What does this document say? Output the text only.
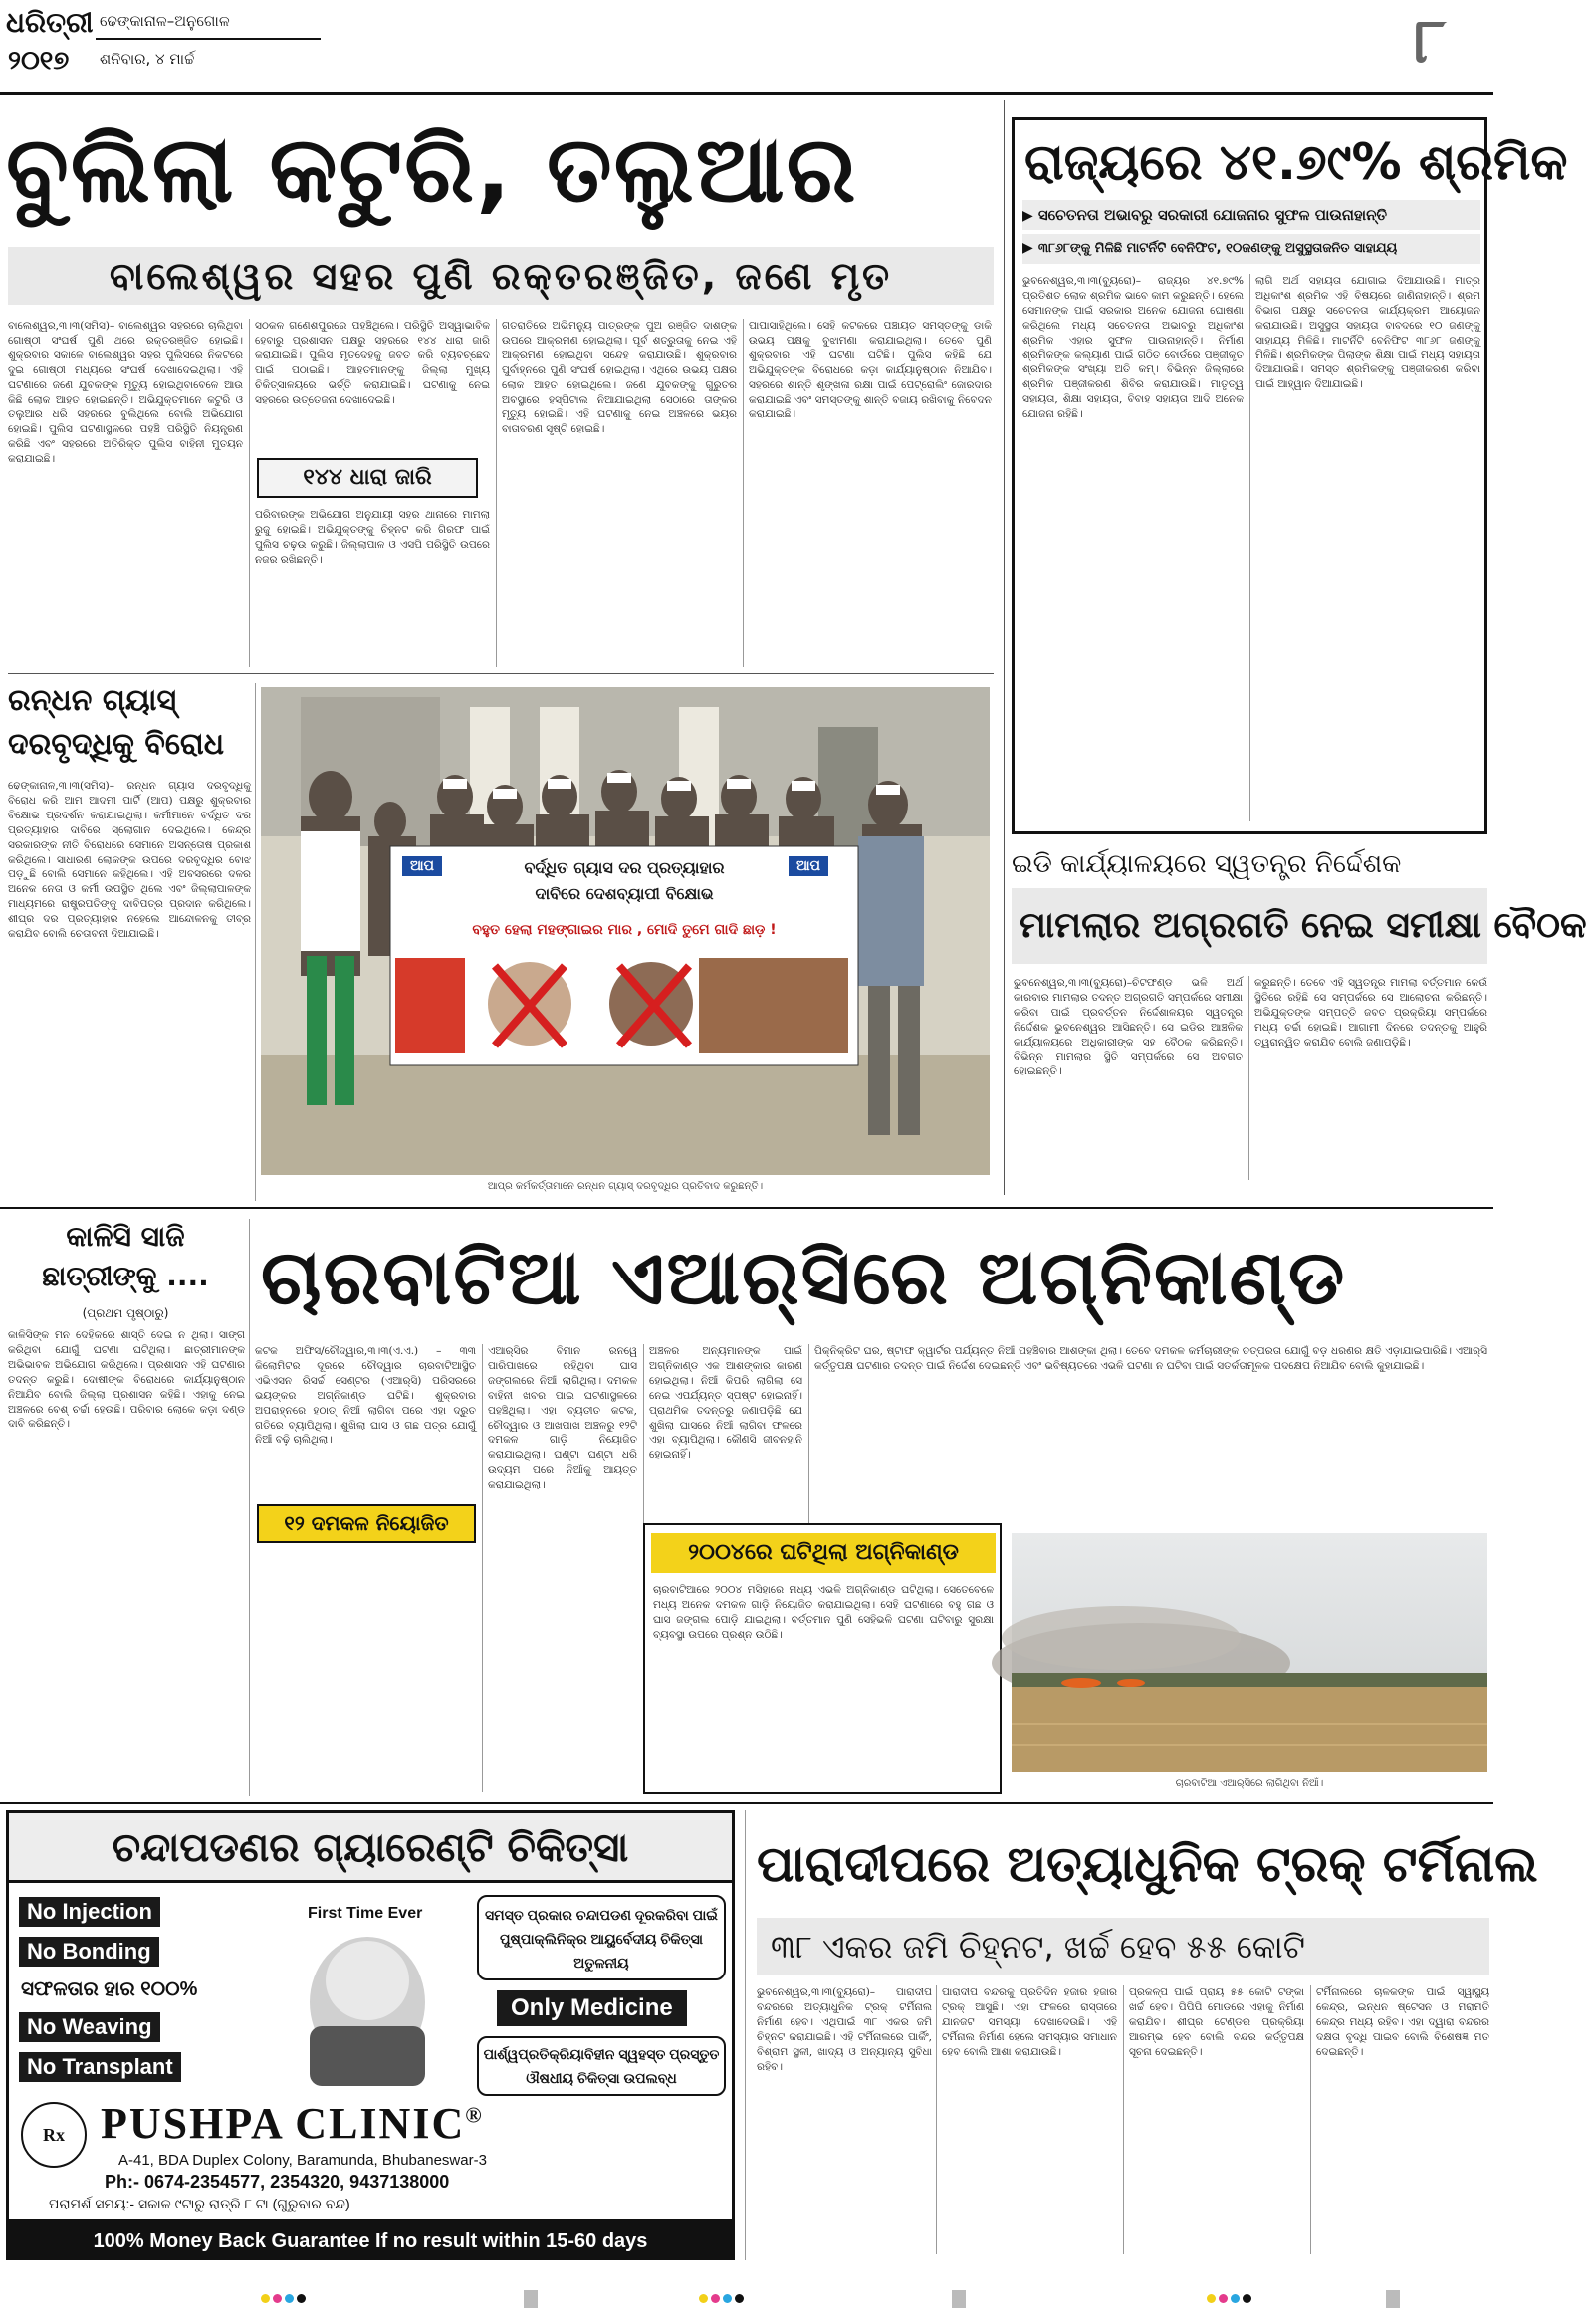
ଧରିତ୍ରୀ
୨୦୧୭
ଢେଙ୍କାନାଳ–ଅନୁଗୋଳ
ଶନିବାର, ୪ ମାର୍ଚ୍ଚ	୮
ବୁଲିଲା କଟୁରି, ତଲୁଆର
ବାଲେଶ୍ୱର ସହର ପୁଣି ରକ୍ତରଞ୍ଜିତ, ଜଣେ ମୃତ
ବାଲେଶ୍ୱର,୩।୩(ସମିସ)– ବାଲେଶ୍ୱର ସହରରେ ଚାଲିଥିବା ଗୋଷ୍ଠୀ ସଂଘର୍ଷ ପୁଣି ଥରେ ରକ୍ତରଞ୍ଜିତ ହୋଇଛି। ଶୁକ୍ରବାର ସକାଳେ ବାଲେଶ୍ୱର ସହର ପୁଲିସରେ ନିକଟରେ ଦୁଇ ଗୋଷ୍ଠୀ ମଧ୍ୟରେ ସଂଘର୍ଷ ଦେଖାଦେଇଥିଲା। ଏହି ଘଟଣାରେ ଜଣେ ଯୁବକଙ୍କ ମୃତ୍ୟୁ ହୋଇଥିବାବେଳେ ଆଉ କିଛି ଲୋକ ଆହତ ହୋଇଛନ୍ତି। ଅଭିଯୁକ୍ତମାନେ କଟୁରି ଓ ତଲୁଆର ଧରି ସହରରେ ବୁଲିଥିଲେ ବୋଲି ଅଭିଯୋଗ ହୋଇଛି। ପୁଲିସ ଘଟଣାସ୍ଥଳରେ ପହଞ୍ଚି ପରିସ୍ଥିତି ନିୟନ୍ତ୍ରଣ କରିଛି ଏବଂ ସହରରେ ଅତିରିକ୍ତ ପୁଲିସ ବାହିନୀ ମୁତୟନ କରାଯାଇଛି।
ସଠକଳ ଗଣେଶପୁରରେ ପହଞ୍ଚିଥିଲେ। ପରିସ୍ଥିତି ଅସ୍ୱାଭାବିକ ହେବାରୁ ପ୍ରଶାସନ ପକ୍ଷରୁ ସହରରେ ୧୪୪ ଧାରା ଜାରି କରାଯାଇଛି। ପୁଲିସ ମୃତଦେହକୁ ଜବତ କରି ବ୍ୟବଚ୍ଛେଦ ପାଇଁ ପଠାଇଛି। ଆହତମାନଙ୍କୁ ଜିଲ୍ଲା ମୁଖ୍ୟ ଚିକିତ୍ସାଳୟରେ ଭର୍ତ୍ତି କରାଯାଇଛି। ଘଟଣାକୁ ନେଇ ସହରରେ ଉତ୍ତେଜନା ଦେଖାଦେଇଛି।
୧୪୪ ଧାରା ଜାରି
ପରିବାରଙ୍କ ଅଭିଯୋଗ ଅନୁଯାୟୀ ସହର ଥାନାରେ ମାମଲା ରୁଜୁ ହୋଇଛି। ଅଭିଯୁକ୍ତଙ୍କୁ ଚିହ୍ନଟ କରି ଗିରଫ ପାଇଁ ପୁଲିସ ଚଢ଼ଉ କରୁଛି। ଜିଲ୍ଲାପାଳ ଓ ଏସପି ପରିସ୍ଥିତି ଉପରେ ନଜର ରଖିଛନ୍ତି।
ଗତରାତିରେ ଅଭିମନ୍ୟୁ ପାତ୍ରଙ୍କ ପୁଅ ରଞ୍ଜିତ ଦାଶଙ୍କ ଉପରେ ଆକ୍ରମଣ ହୋଇଥିଲା। ପୂର୍ବ ଶତ୍ରୁତାକୁ ନେଇ ଏହି ଆକ୍ରମଣ ହୋଇଥିବା ସନ୍ଦେହ କରାଯାଉଛି। ଶୁକ୍ରବାର ପୁର୍ବାହ୍ନରେ ପୁଣି ସଂଘର୍ଷ ହୋଇଥିଲା। ଏଥିରେ ଉଭୟ ପକ୍ଷର ଲୋକ ଆହତ ହୋଇଥିଲେ। ଜଣେ ଯୁବକଙ୍କୁ ଗୁରୁତର ଅବସ୍ଥାରେ ହସ୍ପିଟାଲ ନିଆଯାଇଥିଲା ସେଠାରେ ତାଙ୍କର ମୃତ୍ୟୁ ହୋଇଛି। ଏହି ଘଟଣାକୁ ନେଇ ଅଞ୍ଚଳରେ ଭୟର ବାତାବରଣ ସୃଷ୍ଟି ହୋଇଛି।
ପାପାସାହିଥିଲେ। ସେହି କଟକରେ ପଞ୍ଚାୟତ ସମସ୍ତଙ୍କୁ ଡାକି ଉଭୟ ପକ୍ଷକୁ ବୁଝାମଣା କରାଯାଇଥିଲା। ତେବେ ପୁଣି ଶୁକ୍ରବାର ଏହି ଘଟଣା ଘଟିଛି। ପୁଲିସ କହିଛି ଯେ ଅଭିଯୁକ୍ତଙ୍କ ବିରୋଧରେ କଡ଼ା କାର୍ଯ୍ୟାନୁଷ୍ଠାନ ନିଆଯିବ। ସହରରେ ଶାନ୍ତି ଶୃଙ୍ଖଳା ରକ୍ଷା ପାଇଁ ପେଟ୍ରୋଲିଂ ଜୋରଦାର କରାଯାଇଛି ଏବଂ ସମସ୍ତଙ୍କୁ ଶାନ୍ତି ବଜାୟ ରଖିବାକୁ ନିବେଦନ କରାଯାଇଛି।
ରାଜ୍ୟରେ ୪୧.୭୯% ଶ୍ରମିକ
▶ ସଚେତନତା ଅଭାବରୁ ସରକାରୀ ଯୋଜନାର ସୁଫଳ ପାଉନାହାନ୍ତି
▶ ୩୮୬୮ଙ୍କୁ ମିଳିଛି ମାଟର୍ନିଟି ବେନିଫିଟ, ୧୦ଜଣଙ୍କୁ ଅସୁସ୍ଥତାଜନିତ ସାହାଯ୍ୟ
ଭୁବନେଶ୍ୱର,୩।୩(ବ୍ୟୁରୋ)– ରାଜ୍ୟର ୪୧.୭୯% ପ୍ରତିଶତ ଲୋକ ଶ୍ରମିକ ଭାବେ କାମ କରୁଛନ୍ତି। ହେଲେ ସେମାନଙ୍କ ପାଇଁ ସରକାର ଅନେକ ଯୋଜନା ଘୋଷଣା କରିଥିଲେ ମଧ୍ୟ ସଚେତନତା ଅଭାବରୁ ଅଧିକାଂଶ ଶ୍ରମିକ ଏହାର ସୁଫଳ ପାଉନାହାନ୍ତି। ନିର୍ମାଣ ଶ୍ରମିକଙ୍କ କଲ୍ୟାଣ ପାଇଁ ଗଠିତ ବୋର୍ଡରେ ପଞ୍ଜୀକୃତ ଶ୍ରମିକଙ୍କ ସଂଖ୍ୟା ଅତି କମ୍। ବିଭିନ୍ନ ଜିଲ୍ଲାରେ ଶ୍ରମିକ ପଞ୍ଜୀକରଣ ଶିବିର କରାଯାଉଛି। ମାତୃତ୍ୱ ସହାୟତା, ଶିକ୍ଷା ସହାୟତା, ବିବାହ ସହାୟତା ଆଦି ଅନେକ ଯୋଜନା ରହିଛି।
ଲାଗି ଅର୍ଥ ସହାୟତା ଯୋଗାଇ ଦିଆଯାଉଛି। ମାତ୍ର ଅଧିକାଂଶ ଶ୍ରମିକ ଏହି ବିଷୟରେ ଜାଣିନାହାନ୍ତି। ଶ୍ରମ ବିଭାଗ ପକ୍ଷରୁ ସଚେତନତା କାର୍ଯ୍ୟକ୍ରମ ଆୟୋଜନ କରାଯାଉଛି। ଅସୁସ୍ଥତା ସହାୟତା ବାବଦରେ ୧୦ ଜଣଙ୍କୁ ସାହାଯ୍ୟ ମିଳିଛି। ମାଟର୍ନିଟି ବେନିଫିଟ ୩୮୬୮ ଜଣଙ୍କୁ ମିଳିଛି। ଶ୍ରମିକଙ୍କ ପିଲାଙ୍କ ଶିକ୍ଷା ପାଇଁ ମଧ୍ୟ ସହାୟତା ଦିଆଯାଉଛି। ସମସ୍ତ ଶ୍ରମିକଙ୍କୁ ପଞ୍ଜୀକରଣ କରିବା ପାଇଁ ଆହ୍ୱାନ ଦିଆଯାଇଛି।
ଇଡି କାର୍ଯ୍ୟାଳୟରେ ସ୍ୱତନ୍ତ୍ର ନିର୍ଦ୍ଦେଶକ
ମାମଲାର ଅଗ୍ରଗତି ନେଇ ସମୀକ୍ଷା ବୈଠକ
ଭୁବନେଶ୍ୱର,୩।୩(ବ୍ୟୁରୋ)–ଚିଟଫଣ୍ଡ ଭଳି ଅର୍ଥ କାରବାର ମାମଲାର ତଦନ୍ତ ଅଗ୍ରଗତି ସମ୍ପର୍କରେ ସମୀକ୍ଷା କରିବା ପାଇଁ ପ୍ରବର୍ତ୍ତନ ନିର୍ଦ୍ଦେଶାଳୟର ସ୍ୱତନ୍ତ୍ର ନିର୍ଦ୍ଦେଶକ ଭୁବନେଶ୍ୱର ଆସିଛନ୍ତି। ସେ ଇଡିର ଆଞ୍ଚଳିକ କାର୍ଯ୍ୟାଳୟରେ ଅଧିକାରୀଙ୍କ ସହ ବୈଠକ କରିଛନ୍ତି। ବିଭିନ୍ନ ମାମଲାର ସ୍ଥିତି ସମ୍ପର୍କରେ ସେ ଅବଗତ ହୋଇଛନ୍ତି।
କରୁଛନ୍ତି। ତେବେ ଏହି ସ୍ୱତନ୍ତ୍ର ମାମଲା ବର୍ତ୍ତମାନ କେଉଁ ସ୍ଥିତିରେ ରହିଛି ସେ ସମ୍ପର୍କରେ ସେ ଆଲୋଚନା କରିଛନ୍ତି। ଅଭିଯୁକ୍ତଙ୍କ ସମ୍ପତ୍ତି ଜବତ ପ୍ରକ୍ରିୟା ସମ୍ପର୍କରେ ମଧ୍ୟ ଚର୍ଚ୍ଚା ହୋଇଛି। ଆଗାମୀ ଦିନରେ ତଦନ୍ତକୁ ଆହୁରି ତ୍ୱରାନ୍ୱିତ କରାଯିବ ବୋଲି ଜଣାପଡ଼ିଛି।
ରନ୍ଧନ ଗ୍ୟାସ୍ ଦରବୃଦ୍ଧିକୁ ବିରୋଧ
ଢେଙ୍କାନାଳ,୩।୩(ସମିସ)– ରନ୍ଧନ ଗ୍ୟାସ ଦରବୃଦ୍ଧିକୁ ବିରୋଧ କରି ଆମ ଆଦମୀ ପାର୍ଟି (ଆପ) ପକ୍ଷରୁ ଶୁକ୍ରବାର ବିକ୍ଷୋଭ ପ୍ରଦର୍ଶନ କରାଯାଇଥିଲା। କର୍ମୀମାନେ ବର୍ଦ୍ଧିତ ଦର ପ୍ରତ୍ୟାହାର ଦାବିରେ ସ୍ଲୋଗାନ ଦେଇଥିଲେ। କେନ୍ଦ୍ର ସରକାରଙ୍କ ନୀତି ବିରୋଧରେ ସେମାନେ ଅସନ୍ତୋଷ ପ୍ରକାଶ କରିଥିଲେ। ସାଧାରଣ ଲୋକଙ୍କ ଉପରେ ଦରବୃଦ୍ଧିର ବୋଝ ପଡ଼ୁଛି ବୋଲି ସେମାନେ କହିଥିଲେ। ଏହି ଅବସରରେ ଦଳର ଅନେକ ନେତା ଓ କର୍ମୀ ଉପସ୍ଥିତ ଥିଲେ ଏବଂ ଜିଲ୍ଲାପାଳଙ୍କ ମାଧ୍ୟମରେ ରାଷ୍ଟ୍ରପତିଙ୍କୁ ଦାବିପତ୍ର ପ୍ରଦାନ କରିଥିଲେ। ଶୀଘ୍ର ଦର ପ୍ରତ୍ୟାହାର ନହେଲେ ଆନ୍ଦୋଳନକୁ ତୀବ୍ର କରାଯିବ ବୋଲି ଚେତାବନୀ ଦିଆଯାଇଛି।
ଆପ	ଆପ
ବର୍ଦ୍ଧିତ ଗ୍ୟାସ ଦର ପ୍ରତ୍ୟାହାର
ଦାବିରେ ଦେଶବ୍ୟାପୀ ବିକ୍ଷୋଭ
ବହୁତ ହେଲା ମହଙ୍ଗାଇର ମାର , ମୋଦି ତୁମେ ଗାଦି ଛାଡ଼ !
ଆପ୍‌ର କର୍ମକର୍ତ୍ତାମାନେ ରନ୍ଧନ ଗ୍ୟାସ୍ ଦରବୃଦ୍ଧିର ପ୍ରତିବାଦ କରୁଛନ୍ତି।
କାଳିସି ସାଜି ଛାତ୍ରୀଙ୍କୁ ....
(ପ୍ରଥମ ପୃଷ୍ଠାରୁ)
କାଳିସିଙ୍କ ମନ ଦେହିକରେ ଶାସ୍ତି ଦେଇ ନ ଥିଲା। ସାଙ୍ଗ କରିଥିବା ଯୋଗୁଁ ଘଟଣା ଘଟିଥିଲା। ଛାତ୍ରୀମାନଙ୍କ ଅଭିଭାବକ ଅଭିଯୋଗ କରିଥିଲେ। ପ୍ରଶାସନ ଏହି ଘଟଣାର ତଦନ୍ତ କରୁଛି। ଦୋଷୀଙ୍କ ବିରୋଧରେ କାର୍ଯ୍ୟାନୁଷ୍ଠାନ ନିଆଯିବ ବୋଲି ଜିଲ୍ଲା ପ୍ରଶାସନ କହିଛି। ଏହାକୁ ନେଇ ଅଞ୍ଚଳରେ ବେଶ୍ ଚର୍ଚ୍ଚା ହେଉଛି। ପରିବାର ଲୋକେ କଡ଼ା ଦଣ୍ଡ ଦାବି କରିଛନ୍ତି।
ଚାରବାଟିଆ ଏଆର୍‌ସିରେ ଅଗ୍ନିକାଣ୍ଡ
କଟକ ଅଫିସ/ଚୌଦ୍ୱାର,୩।୩(ଏ.ଏ.) – ୩୩ କିଲୋମିଟର ଦୂରରେ ଚୌଦ୍ୱାର ଚାରବାଟିଆସ୍ଥିତ ଏଭିଏସନ ରିସର୍ଚ୍ଚ ସେଣ୍ଟର (ଏଆର୍‌ସି) ପରିସରରେ ଭୟଙ୍କର ଅଗ୍ନିକାଣ୍ଡ ଘଟିଛି। ଶୁକ୍ରବାର ଅପରାହ୍ନରେ ହଠାତ୍ ନିଆଁ ଲାଗିବା ପରେ ଏହା ଦ୍ରୁତ ଗତିରେ ବ୍ୟାପିଥିଲା। ଶୁଖିଲା ଘାସ ଓ ଗଛ ପତ୍ର ଯୋଗୁଁ ନିଆଁ ବଢ଼ି ଚାଲିଥିଲା।
୧୨ ଦମକଳ ନିୟୋଜିତ
ଏଆର୍‌ସିର ବିମାନ ରନୱେ ପାରିପାଖରେ ରହିଥିବା ଘାସ ଜଙ୍ଗଲରେ ନିଆଁ ଲାଗିଥିଲା। ଦମକଳ ବାହିନୀ ଖବର ପାଇ ଘଟଣାସ୍ଥଳରେ ପହଞ୍ଚିଥିଲା। ଏହା ବ୍ୟତୀତ କଟକ, ଚୌଦ୍ୱାର ଓ ଆଖପାଖ ଅଞ୍ଚଳରୁ ୧୨ଟି ଦମକଳ ଗାଡ଼ି ନିୟୋଜିତ କରାଯାଇଥିଲା। ଘଣ୍ଟା ଘଣ୍ଟା ଧରି ଉଦ୍ୟମ ପରେ ନିଆଁକୁ ଆୟତ୍ତ କରାଯାଇଥିଲା।
ଅଞ୍ଚଳର ଅନ୍ୟମାନଙ୍କ ପାଇଁ ଅଗ୍ନିକାଣ୍ଡ ଏକ ଆଶଙ୍କାର କାରଣ ହୋଇଥିଲା। ନିଆଁ କିପରି ଲାଗିଲା ସେ ନେଇ ଏପର୍ଯ୍ୟନ୍ତ ସ୍ପଷ୍ଟ ହୋଇନାହିଁ। ପ୍ରାଥମିକ ତଦନ୍ତରୁ ଜଣାପଡ଼ିଛି ଯେ ଶୁଖିଲା ଘାସରେ ନିଆଁ ଲାଗିବା ଫଳରେ ଏହା ବ୍ୟାପିଥିଲା। କୌଣସି ଜୀବନହାନି ହୋଇନାହିଁ।
୨୦୦୪ରେ ଘଟିଥିଲା ଅଗ୍ନିକାଣ୍ଡ
ଚାରବାଟିଆରେ ୨୦୦୪ ମସିହାରେ ମଧ୍ୟ ଏଭଳି ଅଗ୍ନିକାଣ୍ଡ ଘଟିଥିଲା। ସେତେବେଳେ ମଧ୍ୟ ଅନେକ ଦମକଳ ଗାଡ଼ି ନିୟୋଜିତ କରାଯାଇଥିଲା। ସେହି ଘଟଣାରେ ବହୁ ଗଛ ଓ ଘାସ ଜଙ୍ଗଲ ପୋଡ଼ି ଯାଇଥିଲା। ବର୍ତ୍ତମାନ ପୁଣି ସେହିଭଳି ଘଟଣା ଘଟିବାରୁ ସୁରକ୍ଷା ବ୍ୟବସ୍ଥା ଉପରେ ପ୍ରଶ୍ନ ଉଠିଛି।
ପିକ୍‌ନିକ୍‌ରିଟ ଘର, ଷ୍ଟାଫ କ୍ୱାର୍ଟର ପର୍ଯ୍ୟନ୍ତ ନିଆଁ ପହଞ୍ଚିବାର ଆଶଙ୍କା ଥିଲା। ତେବେ ଦମକଳ କର୍ମଚାରୀଙ୍କ ତତ୍ପରତା ଯୋଗୁଁ ବଡ଼ ଧରଣର କ୍ଷତି ଏଡ଼ାଯାଇପାରିଛି। ଏଆର୍‌ସି କର୍ତ୍ତୃପକ୍ଷ ଘଟଣାର ତଦନ୍ତ ପାଇଁ ନିର୍ଦ୍ଦେଶ ଦେଇଛନ୍ତି ଏବଂ ଭବିଷ୍ୟତରେ ଏଭଳି ଘଟଣା ନ ଘଟିବା ପାଇଁ ସତର୍କତାମୂଳକ ପଦକ୍ଷେପ ନିଆଯିବ ବୋଲି କୁହାଯାଇଛି।
ଚାରବାଟିଆ ଏଆର୍‌ସିରେ ଲାଗିଥିବା ନିଆଁ।
ଚନ୍ଦାପଡଣର ଗ୍ୟାରେଣ୍ଟି ଚିକିତ୍ସା
No Injection
No Bonding
ସଫଳତାର ହାର ୧୦୦%
No Weaving
No Transplant
First Time Ever	ସମସ୍ତ ପ୍ରକାର ଚନ୍ଦାପଡଣ ଦୂରକରିବା ପାଇଁ ପୁଷ୍ପାକ୍ଲିନିକ୍‌ର ଆୟୁର୍ବେଦୀୟ ଚିକିତ୍ସା ଅତୁଳନୀୟ
Only Medicine
ପାର୍ଶ୍ୱପ୍ରତିକ୍ରିୟାବିହୀନ ସ୍ୱହସ୍ତ ପ୍ରସ୍ତୁତ ଔଷଧୀୟ ଚିକିତ୍ସା ଉପଲବ୍ଧ
Rx PUSHPA CLINIC®
A-41, BDA Duplex Colony, Baramunda, Bhubaneswar-3
Ph:- 0674-2354577, 2354320, 9437138000
ପରାମର୍ଶ ସମୟ:- ସକାଳ ୯ଟାରୁ ରାତ୍ରି ୮ ଟା (ଗୁରୁବାର ବନ୍ଦ)
100% Money Back Guarantee If no result within 15-60 days
ପାରାଦୀପରେ ଅତ୍ୟାଧୁନିକ ଟ୍ରକ୍ ଟର୍ମିନାଲ
୩୮ ଏକର ଜମି ଚିହ୍ନଟ, ଖର୍ଚ୍ଚ ହେବ ୫୫ କୋଟି
ଭୁବନେଶ୍ୱର,୩।୩(ବ୍ୟୁରୋ)– ପାରାଦୀପ ବନ୍ଦରରେ ଅତ୍ୟାଧୁନିକ ଟ୍ରକ୍ ଟର୍ମିନାଲ ନିର୍ମାଣ ହେବ। ଏଥିପାଇଁ ୩୮ ଏକର ଜମି ଚିହ୍ନଟ କରାଯାଇଛି। ଏହି ଟର୍ମିନାଲରେ ପାର୍କିଂ, ବିଶ୍ରାମ ସ୍ଥଳୀ, ଖାଦ୍ୟ ଓ ଅନ୍ୟାନ୍ୟ ସୁବିଧା ରହିବ।
ପାରାଦୀପ ବନ୍ଦରକୁ ପ୍ରତିଦିନ ହଜାର ହଜାର ଟ୍ରକ୍ ଆସୁଛି। ଏହା ଫଳରେ ରାସ୍ତାରେ ଯାନଜଟ ସମସ୍ୟା ଦେଖାଦେଉଛି। ଏହି ଟର୍ମିନାଲ ନିର୍ମାଣ ହେଲେ ସମସ୍ୟାର ସମାଧାନ ହେବ ବୋଲି ଆଶା କରାଯାଉଛି।
ପ୍ରକଳ୍ପ ପାଇଁ ପ୍ରାୟ ୫୫ କୋଟି ଟଙ୍କା ଖର୍ଚ୍ଚ ହେବ। ପିପିପି ମୋଡରେ ଏହାକୁ ନିର୍ମାଣ କରାଯିବ। ଶୀଘ୍ର ଟେଣ୍ଡର ପ୍ରକ୍ରିୟା ଆରମ୍ଭ ହେବ ବୋଲି ବନ୍ଦର କର୍ତ୍ତୃପକ୍ଷ ସୂଚନା ଦେଇଛନ୍ତି।
ଟର୍ମିନାଲରେ ଚାଳକଙ୍କ ପାଇଁ ସ୍ୱାସ୍ଥ୍ୟ କେନ୍ଦ୍ର, ଇନ୍ଧନ ଷ୍ଟେସନ ଓ ମରାମତି କେନ୍ଦ୍ର ମଧ୍ୟ ରହିବ। ଏହା ଦ୍ୱାରା ବନ୍ଦରର ଦକ୍ଷତା ବୃଦ୍ଧି ପାଇବ ବୋଲି ବିଶେଷଜ୍ଞ ମତ ଦେଇଛନ୍ତି।
